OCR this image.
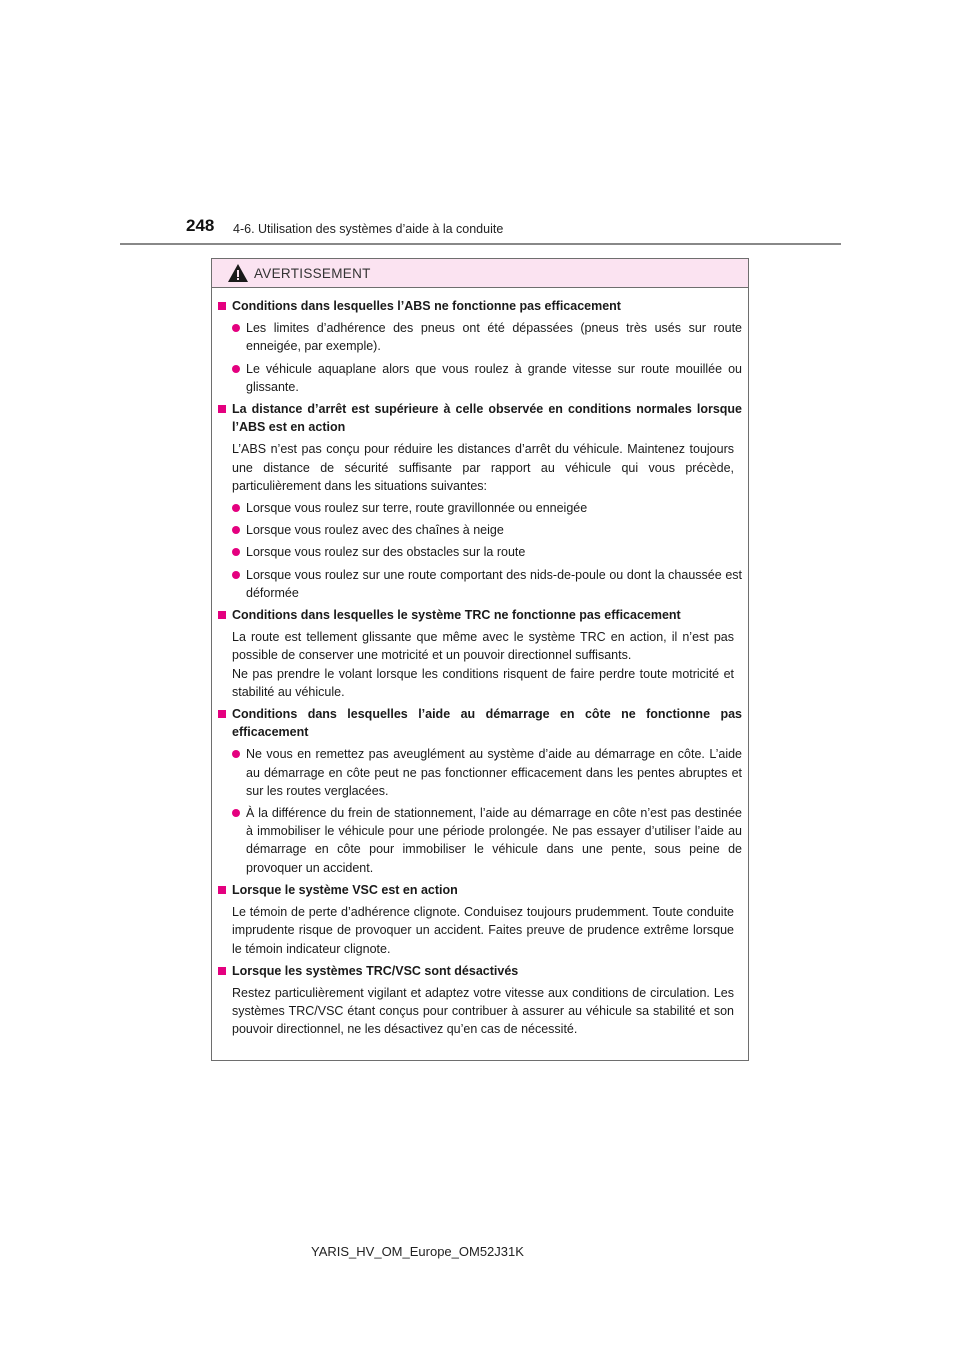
248 4-6. Utilisation des systèmes d’aide à la conduite
AVERTISSEMENT
Conditions dans lesquelles l’ABS ne fonctionne pas efficacement
Les limites d’adhérence des pneus ont été dépassées (pneus très usés sur route enneigée, par exemple).
Le véhicule aquaplane alors que vous roulez à grande vitesse sur route mouillée ou glissante.
La distance d’arrêt est supérieure à celle observée en conditions normales lorsque l’ABS est en action
L’ABS n’est pas conçu pour réduire les distances d’arrêt du véhicule. Maintenez toujours une distance de sécurité suffisante par rapport au véhicule qui vous précède, particulièrement dans les situations suivantes:
Lorsque vous roulez sur terre, route gravillonnée ou enneigée
Lorsque vous roulez avec des chaînes à neige
Lorsque vous roulez sur des obstacles sur la route
Lorsque vous roulez sur une route comportant des nids-de-poule ou dont la chaussée est déformée
Conditions dans lesquelles le système TRC ne fonctionne pas efficacement
La route est tellement glissante que même avec le système TRC en action, il n’est pas possible de conserver une motricité et un pouvoir directionnel suffisants.
Ne pas prendre le volant lorsque les conditions risquent de faire perdre toute motricité et stabilité au véhicule.
Conditions dans lesquelles l’aide au démarrage en côte ne fonctionne pas efficacement
Ne vous en remettez pas aveuglément au système d’aide au démarrage en côte. L’aide au démarrage en côte peut ne pas fonctionner efficacement dans les pentes abruptes et sur les routes verglacées.
À la différence du frein de stationnement, l’aide au démarrage en côte n’est pas destinée à immobiliser le véhicule pour une période prolongée. Ne pas essayer d’utiliser l’aide au démarrage en côte pour immobiliser le véhicule dans une pente, sous peine de provoquer un accident.
Lorsque le système VSC est en action
Le témoin de perte d’adhérence clignote. Conduisez toujours prudemment. Toute conduite imprudente risque de provoquer un accident. Faites preuve de prudence extrême lorsque le témoin indicateur clignote.
Lorsque les systèmes TRC/VSC sont désactivés
Restez particulièrement vigilant et adaptez votre vitesse aux conditions de circulation. Les systèmes TRC/VSC étant conçus pour contribuer à assurer au véhicule sa stabilité et son pouvoir directionnel, ne les désactivez qu’en cas de nécessité.
YARIS_HV_OM_Europe_OM52J31K
